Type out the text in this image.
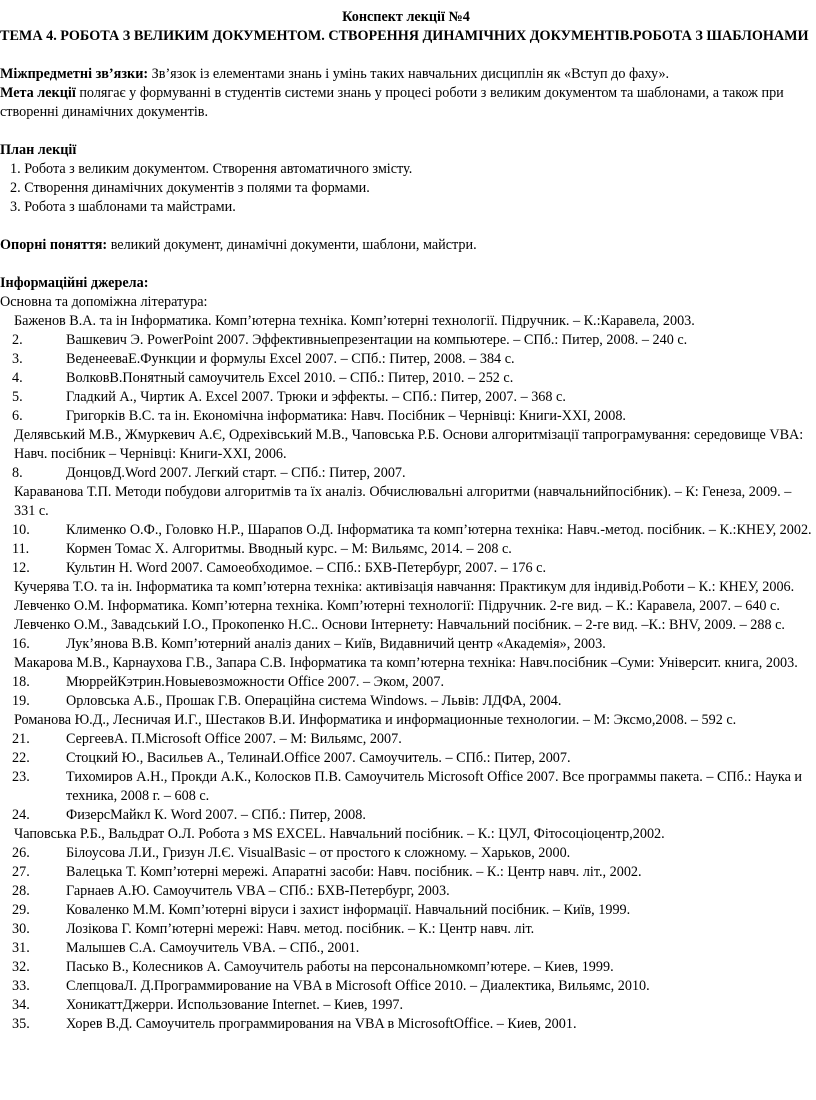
Конспект лекції №4

ТЕМА 4. РОБОТА З ВЕЛИКИМ ДОКУМЕНТОМ. СТВОРЕННЯ ДИНАМІЧНИХ ДОКУМЕНТІВ.РОБОТА З ШАБЛОНАМИ

Міжпредметні зв’язки: Зв’язок із елементами знань і умінь таких навчальних дисциплін як «Вступ до фаху».

Мета лекції полягає у формуванні в студентів системи знань у процесі роботи з великим документом та шаблонами, а також при створенні динамічних документів.

План лекції

1. Робота з великим документом. Створення автоматичного змісту.
2. Створення динамічних документів з полями та формами.
3. Робота з шаблонами та майстрами.

Опорні поняття: великий документ, динамічні документи, шаблони, майстри.

Інформаційні джерела:

Основна та допоміжна література:

Баженов В.А. та ін Інформатика. Комп’ютерна техніка. Комп’ютерні технології. Підручник. – К.:Каравела, 2003.
2.	Вашкевич Э. PowerPoint 2007. Эффективныепрезентации на компьютере. – СПб.: Питер, 2008. – 240 с.
3.	ВеденееваЕ.Функции и формулы Excel 2007. – СПб.: Питер, 2008. – 384 с.
4.	ВолковВ.Понятный самоучитель Excel 2010. – СПб.: Питер, 2010. – 252 с.
5.	Гладкий А., Чиртик А. Excel 2007. Трюки и эффекты. – СПб.: Питер, 2007. – 368 с.
6.	Григорків В.С. та ін. Економічна інформатика: Навч. Посібник – Чернівці: Книги-ХХІ, 2008.
Делявський М.В., Жмуркевич А.Є, Одрехівський М.В., Чаповська Р.Б. Основи алгоритмізації тапрограмування: середовище VBA: Навч. посібник – Чернівці: Книги-ХХІ, 2006.
8.	ДонцовД.Word 2007. Легкий старт. – СПб.: Питер, 2007.
Караванова Т.П. Методи побудови алгоритмів та їх аналіз. Обчислювальні алгоритми (навчальнийпосібник). – К: Генеза, 2009. – 331 с.
10.	Клименко О.Ф., Головко Н.Р., Шарапов О.Д. Інформатика та комп’ютерна техніка: Навч.-метод. посібник. – К.:КНЕУ, 2002.
11.	Кормен Томас Х. Алгоритмы. Вводный курс. – М: Вильямс, 2014. – 208 с.
12.	Культин Н. Word 2007. Самоеобходимое. – СПб.: БХВ-Петербург, 2007. – 176 с.
Кучерява Т.О. та ін. Інформатика та комп’ютерна техніка: активізація навчання: Практикум для індивід.Роботи – К.: КНЕУ, 2006.
Левченко О.М. Інформатика. Комп’ютерна техніка. Комп’ютерні технології: Підручник. 2-ге вид. – К.: Каравела, 2007. – 640 с.
Левченко О.М., Завадський І.О., Прокопенко Н.С.. Основи Інтернету: Навчальний посібник. – 2-ге вид. –К.: ВНV, 2009. – 288 с.
16.	Лук’янова В.В. Комп’ютерний аналіз даних – Київ, Видавничий центр «Академія», 2003.
Макарова М.В., Карнаухова Г.В., Запара С.В. Інформатика та комп’ютерна техніка: Навч.посібник –Суми: Університ. книга, 2003.
18.	МюррейКэтрин.Новыевозможности Office 2007. – Эком, 2007.
19.	Орловська А.Б., Прошак Г.В. Операційна система Windows. – Львів: ЛДФА, 2004.
Романова Ю.Д., Лесничая И.Г., Шестаков В.И. Информатика и информационные технологии. – М: Эксмо,2008. – 592 с.
21.	СергеевА. П.Microsoft Office 2007. – М: Вильямс, 2007.
22.	Стоцкий Ю., Васильев А., ТелинаИ.Office 2007. Самоучитель. – СПб.: Питер, 2007.
23.	Тихомиров А.Н., Прокди А.К., Колосков П.В. Самоучитель Microsoft Office 2007. Все программы пакета. – СПб.: Наука и техника, 2008 г. – 608 с.
24.	ФизерсМайкл К. Word 2007. – СПб.: Питер, 2008.
Чаповська Р.Б., Вальдрат О.Л. Робота з MS EXCEL. Навчальний посібник. – К.: ЦУЛ, Фітосоціоцентр,2002.
26.	Білоусова Л.И., Гризун Л.Є. VisualBasic – от простого к сложному. – Харьков, 2000.
27.	Валецька Т. Комп’ютерні мережі. Апаратні засоби: Навч. посібник. – К.: Центр навч. літ., 2002.
28.	Гарнаев А.Ю. Самоучитель VBA – СПб.: БХВ-Петербург, 2003.
29.	Коваленко М.М. Комп’ютерні віруси і захист інформації. Навчальний посібник. – Київ, 1999.
30.	Лозікова Г. Комп’ютерні мережі: Навч. метод. посібник. – К.: Центр навч. літ.
31.	Малышев С.А. Самоучитель VBA. – СПб., 2001.
32.	Пасько В., Колесников А. Самоучитель работы на персональномкомп’ютере. – Киев, 1999.
33.	СлепцоваЛ. Д.Программирование на VBA в Microsoft Office 2010. – Диалектика, Вильямс, 2010.
34.	ХоникаттДжерри. Использование Internet. – Киев, 1997.
35.	Хорев В.Д. Самоучитель программирования на VBA в MicrosoftOffice. – Киев, 2001.
